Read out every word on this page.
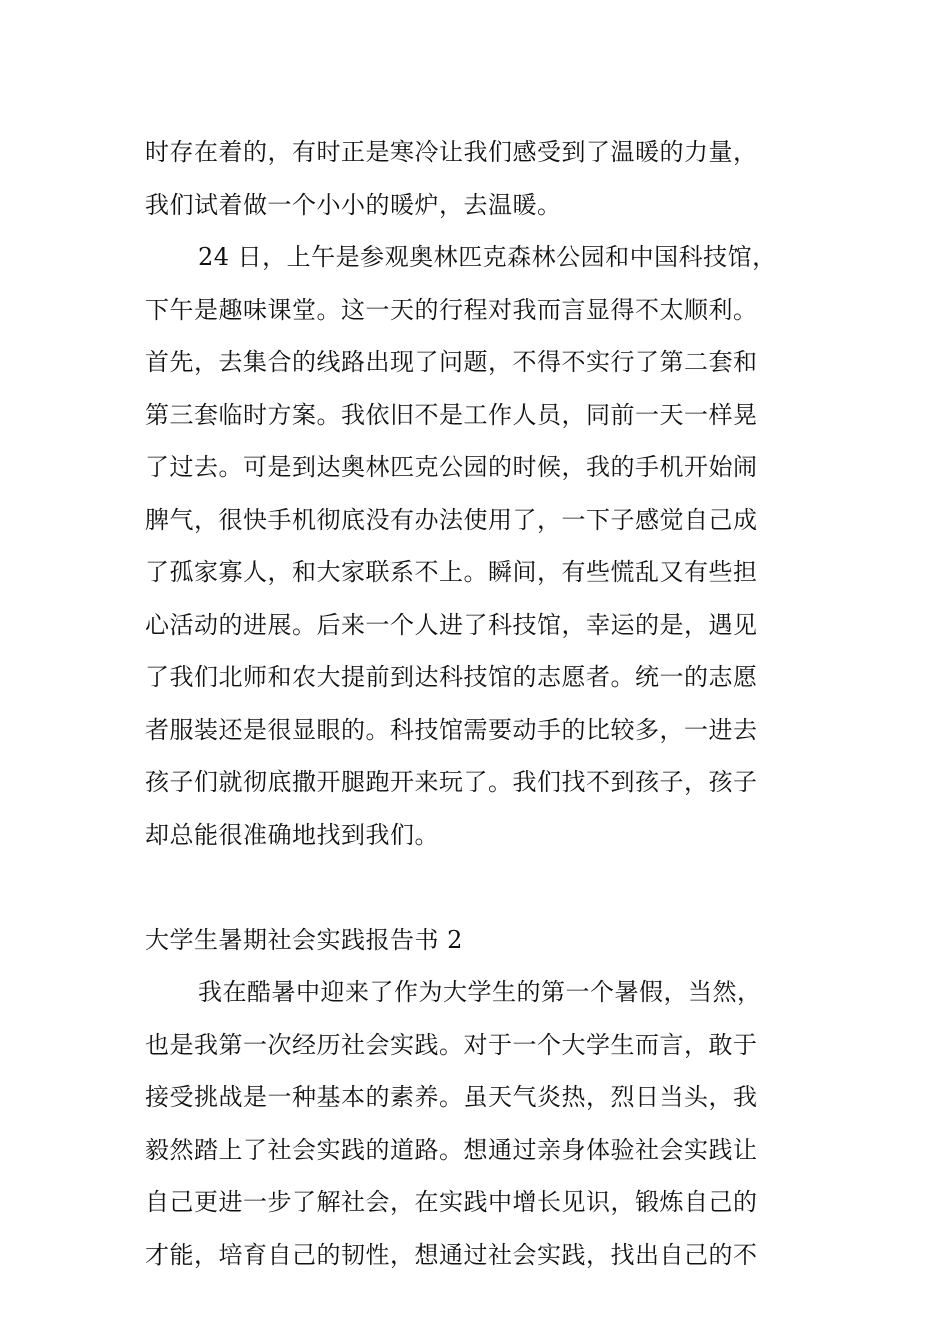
时存在着的，有时正是寒冷让我们感受到了温暖的力量，
我们试着做一个小小的暖炉，去温暖。
24 日，上午是参观奥林匹克森林公园和中国科技馆，
下午是趣味课堂。这一天的行程对我而言显得不太顺利。
首先，去集合的线路出现了问题，不得不实行了第二套和
第三套临时方案。我依旧不是工作人员，同前一天一样晃
了过去。可是到达奥林匹克公园的时候，我的手机开始闹
脾气，很快手机彻底没有办法使用了，一下子感觉自己成
了孤家寡人，和大家联系不上。瞬间，有些慌乱又有些担
心活动的进展。后来一个人进了科技馆，幸运的是，遇见
了我们北师和农大提前到达科技馆的志愿者。统一的志愿
者服装还是很显眼的。科技馆需要动手的比较多，一进去
孩子们就彻底撒开腿跑开来玩了。我们找不到孩子，孩子
却总能很准确地找到我们。
大学生暑期社会实践报告书 2
我在酷暑中迎来了作为大学生的第一个暑假，当然，
也是我第一次经历社会实践。对于一个大学生而言，敢于
接受挑战是一种基本的素养。虽天气炎热，烈日当头，我
毅然踏上了社会实践的道路。想通过亲身体验社会实践让
自己更进一步了解社会，在实践中增长见识，锻炼自己的
才能，培育自己的韧性，想通过社会实践，找出自己的不
